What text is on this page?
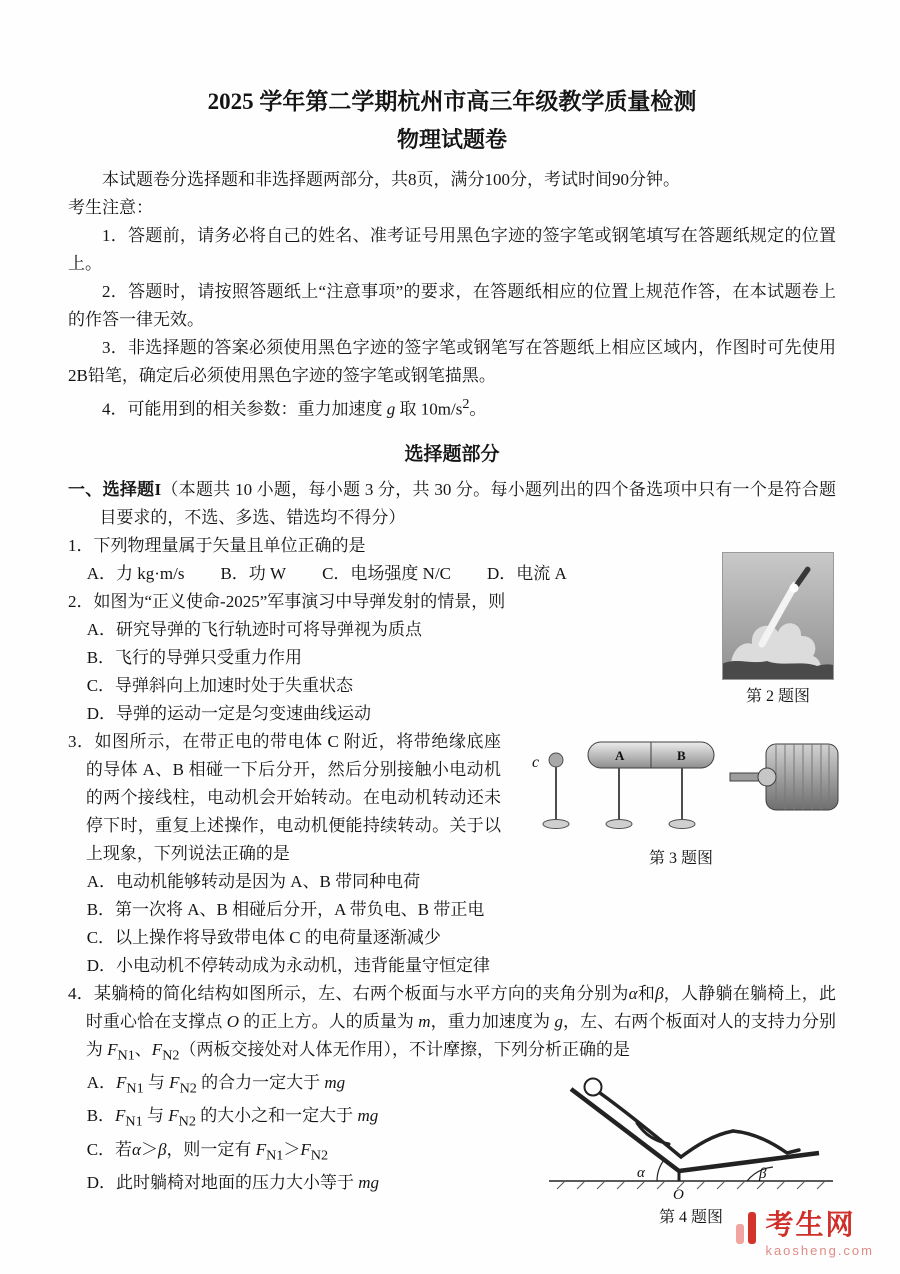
2025 学年第二学期杭州市高三年级教学质量检测
物理试题卷

本试题卷分选择题和非选择题两部分，共8页，满分100分，考试时间90分钟。

考生注意：

1．答题前，请务必将自己的姓名、准考证号用黑色字迹的签字笔或钢笔填写在答题纸规定的位置上。

2．答题时，请按照答题纸上“注意事项”的要求，在答题纸相应的位置上规范作答，在本试题卷上的作答一律无效。

3．非选择题的答案必须使用黑色字迹的签字笔或钢笔写在答题纸上相应区域内，作图时可先使用2B铅笔，确定后必须使用黑色字迹的签字笔或钢笔描黑。

4．可能用到的相关参数：重力加速度 g 取 $10m/s^2$。

选择题部分

一、选择题I（本题共 10 小题，每小题 3 分，共 30 分。每小题列出的四个备选项中只有一个是符合题目要求的，不选、多选、错选均不得分）

1．下列物理量属于矢量且单位正确的是

A．力 kg·m/s B．功 W C．电场强度 N/C D．电流 A

2．如图为“正义使命-2025”军事演习中导弹发射的情景，则

A．研究导弹的飞行轨迹时可将导弹视为质点

B．飞行的导弹只受重力作用

C．导弹斜向上加速时处于失重状态

D．导弹的运动一定是匀变速曲线运动

第 2 题图

3．如图所示，在带正电的带电体 C 附近，将带绝缘底座的导体 A、B 相碰一下后分开，然后分别接触小电动机的两个接线柱，电动机会开始转动。在电动机转动还未停下时，重复上述操作，电动机便能持续转动。关于以上现象，下列说法正确的是

A．电动机能够转动是因为 A、B 带同种电荷

B．第一次将 A、B 相碰后分开，A 带负电、B 带正电

C．以上操作将导致带电体 C 的电荷量逐渐减少

D．小电动机不停转动成为永动机，违背能量守恒定律

c	A	B
第 3 题图

4．某躺椅的简化结构如图所示，左、右两个板面与水平方向的夹角分别为α和β，人静躺在躺椅上，此时重心恰在支撑点 O 的正上方。人的质量为 m，重力加速度为 g，左、右两个板面对人的支持力分别为 $F_{N1}$、$F_{N2}$（两板交接处对人体无作用），不计摩擦，下列分析正确的是

A．$F_{N1}$ 与 $F_{N2}$ 的合力一定大于 mg

B．$F_{N1}$ 与 $F_{N2}$ 的大小之和一定大于 mg

C．若α＞β，则一定有 $F_{N1}>F_{N2}$

D．此时躺椅对地面的压力大小等于 mg

α	β
O
第 4 题图	考生网
kaosheng.com
